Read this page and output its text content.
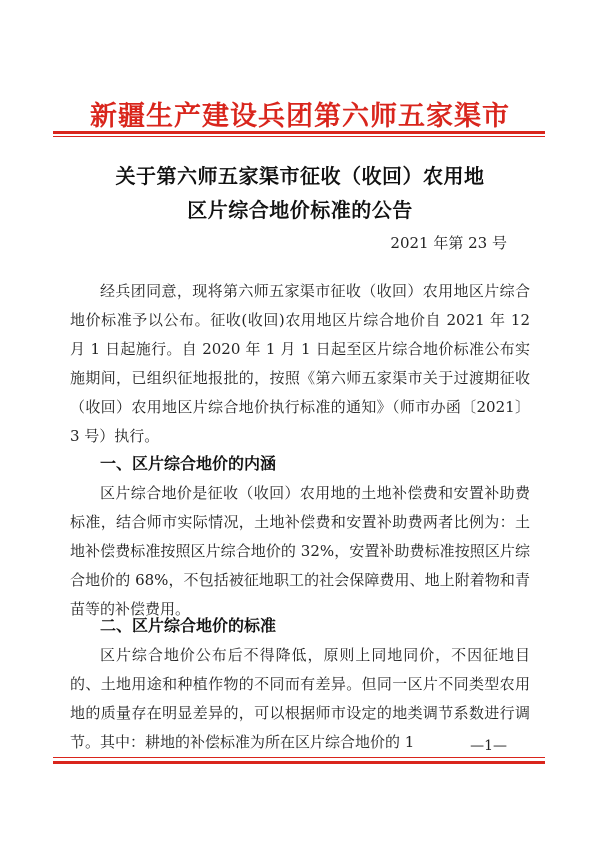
新疆生产建设兵团第六师五家渠市
关于第六师五家渠市征收（收回）农用地
区片综合地价标准的公告
2021 年第 23 号

经兵团同意，现将第六师五家渠市征收（收回）农用地区片综合地价标准予以公布。征收(收回)农用地区片综合地价自 2021 年 12 月 1 日起施行。自 2020 年 1 月 1 日起至区片综合地价标准公布实施期间，已组织征地报批的，按照《第六师五家渠市关于过渡期征收（收回）农用地区片综合地价执行标准的通知》（师市办函〔2021〕3 号）执行。

一、区片综合地价的内涵

区片综合地价是征收（收回）农用地的土地补偿费和安置补助费标准，结合师市实际情况，土地补偿费和安置补助费两者比例为：土地补偿费标准按照区片综合地价的 32%，安置补助费标准按照区片综合地价的 68%，不包括被征地职工的社会保障费用、地上附着物和青苗等的补偿费用。

二、区片综合地价的标准

区片综合地价公布后不得降低，原则上同地同价，不因征地目的、土地用途和种植作物的不同而有差异。但同一区片不同类型农用地的质量存在明显差异的，可以根据师市设定的地类调节系数进行调节。其中：耕地的补偿标准为所在区片综合地价的 1	—1—
